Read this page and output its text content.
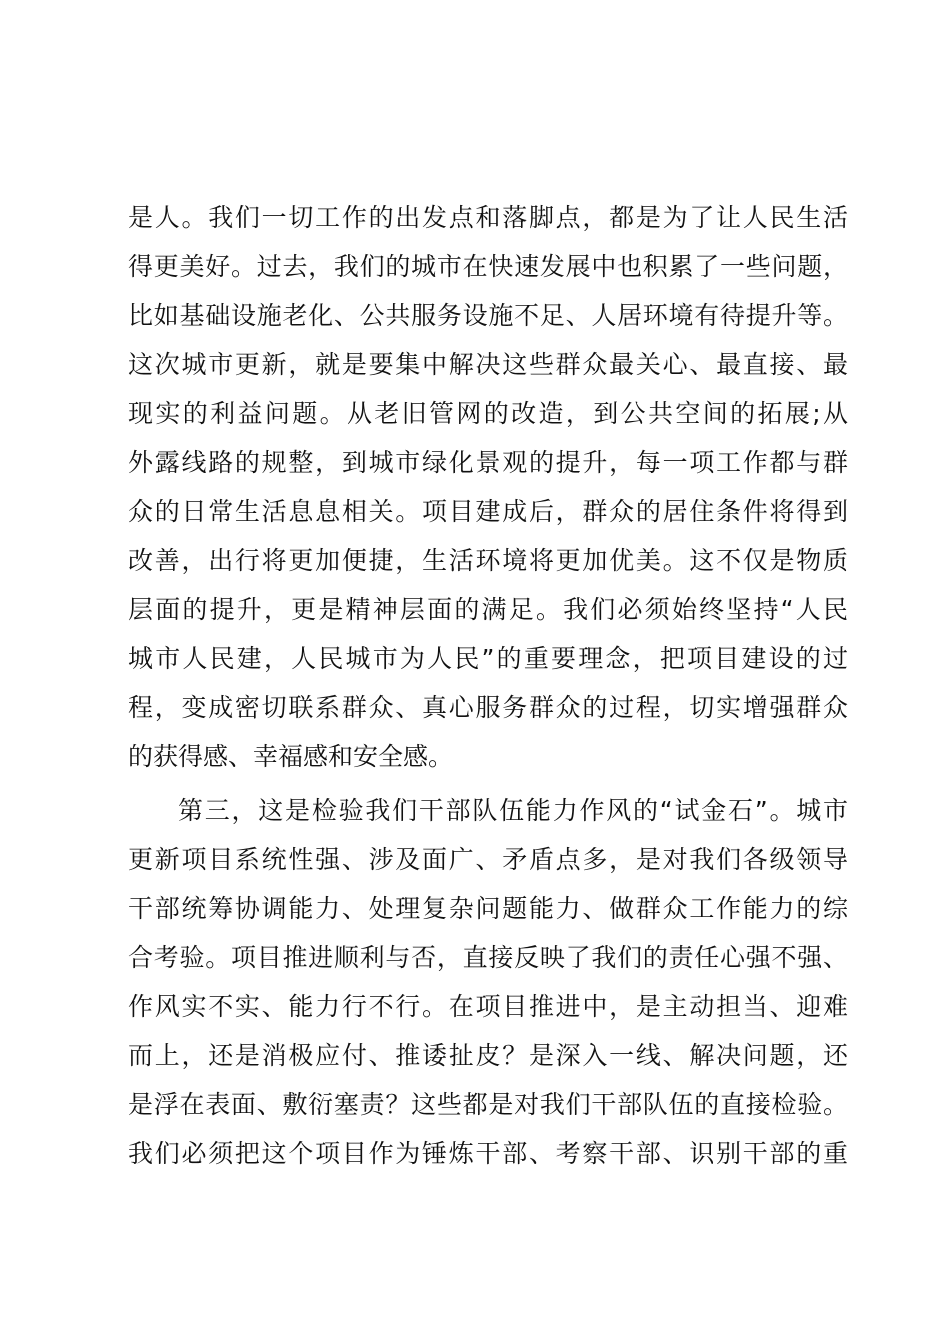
是人。我们一切工作的出发点和落脚点，都是为了让人民生活
得更美好。过去，我们的城市在快速发展中也积累了一些问题，
比如基础设施老化、公共服务设施不足、人居环境有待提升等。
这次城市更新，就是要集中解决这些群众最关心、最直接、最
现实的利益问题。从老旧管网的改造，到公共空间的拓展;从
外露线路的规整，到城市绿化景观的提升，每一项工作都与群
众的日常生活息息相关。项目建成后，群众的居住条件将得到
改善，出行将更加便捷，生活环境将更加优美。这不仅是物质
层面的提升，更是精神层面的满足。我们必须始终坚持“人民
城市人民建，人民城市为人民”的重要理念，把项目建设的过
程，变成密切联系群众、真心服务群众的过程，切实增强群众
的获得感、幸福感和安全感。
第三，这是检验我们干部队伍能力作风的“试金石”。城市
更新项目系统性强、涉及面广、矛盾点多，是对我们各级领导
干部统筹协调能力、处理复杂问题能力、做群众工作能力的综
合考验。项目推进顺利与否，直接反映了我们的责任心强不强、
作风实不实、能力行不行。在项目推进中，是主动担当、迎难
而上，还是消极应付、推诿扯皮？是深入一线、解决问题，还
是浮在表面、敷衍塞责？这些都是对我们干部队伍的直接检验。
我们必须把这个项目作为锤炼干部、考察干部、识别干部的重
